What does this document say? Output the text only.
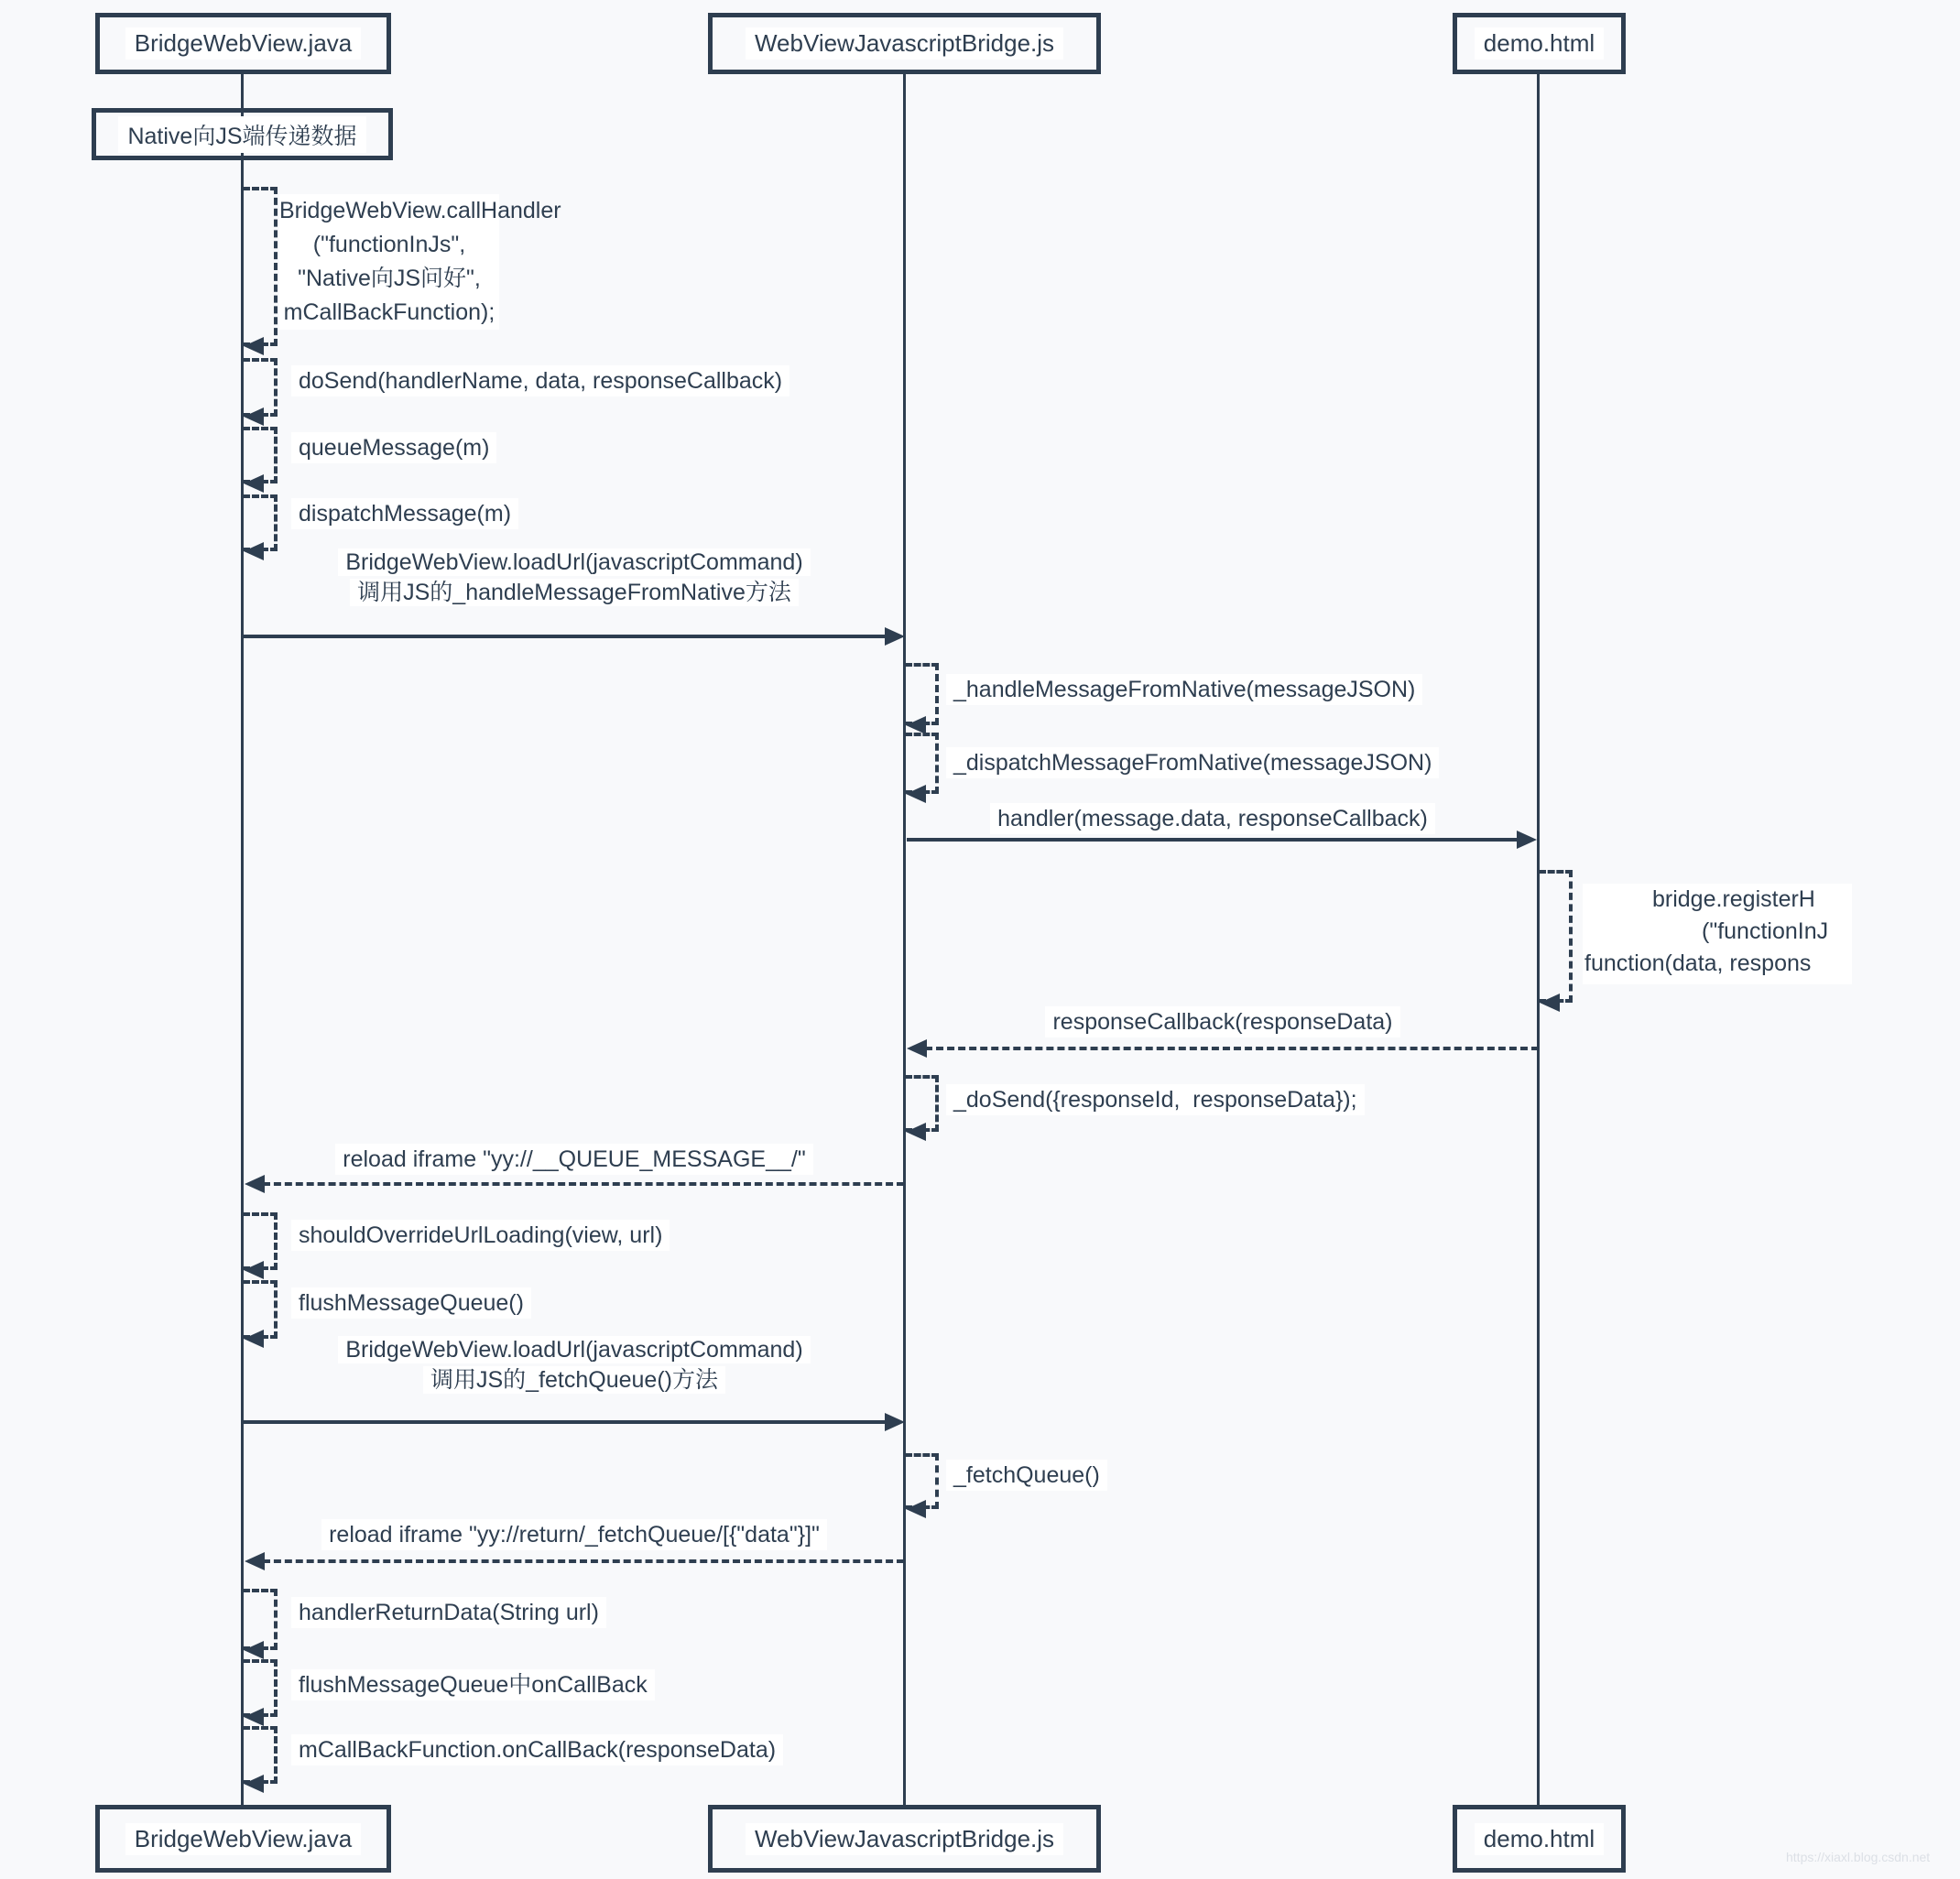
BridgeWebView.java	WebViewJavascriptBridge.js	demo.html
Native向JS端传递数据
BridgeWebView.callHandler
("functionInJs",
"Native向JS问好",
mCallBackFunction);
doSend(handlerName, data, responseCallback)
queueMessage(m)
dispatchMessage(m)
BridgeWebView.loadUrl(javascriptCommand)
调用JS的_handleMessageFromNative方法
_handleMessageFromNative(messageJSON)
_dispatchMessageFromNative(messageJSON)
handler(message.data, responseCallback)
bridge.registerH
("functionInJ
function(data, respons
responseCallback(responseData)
_doSend({responseId,  responseData});
reload iframe "yy://__QUEUE_MESSAGE__/"
shouldOverrideUrlLoading(view, url)
flushMessageQueue()
BridgeWebView.loadUrl(javascriptCommand)
调用JS的_fetchQueue()方法
_fetchQueue()
reload iframe "yy://return/_fetchQueue/[{"data"}]"
handlerReturnData(String url)
flushMessageQueue中onCallBack
mCallBackFunction.onCallBack(responseData)
BridgeWebView.java	WebViewJavascriptBridge.js	demo.html
https://xiaxl.blog.csdn.net
